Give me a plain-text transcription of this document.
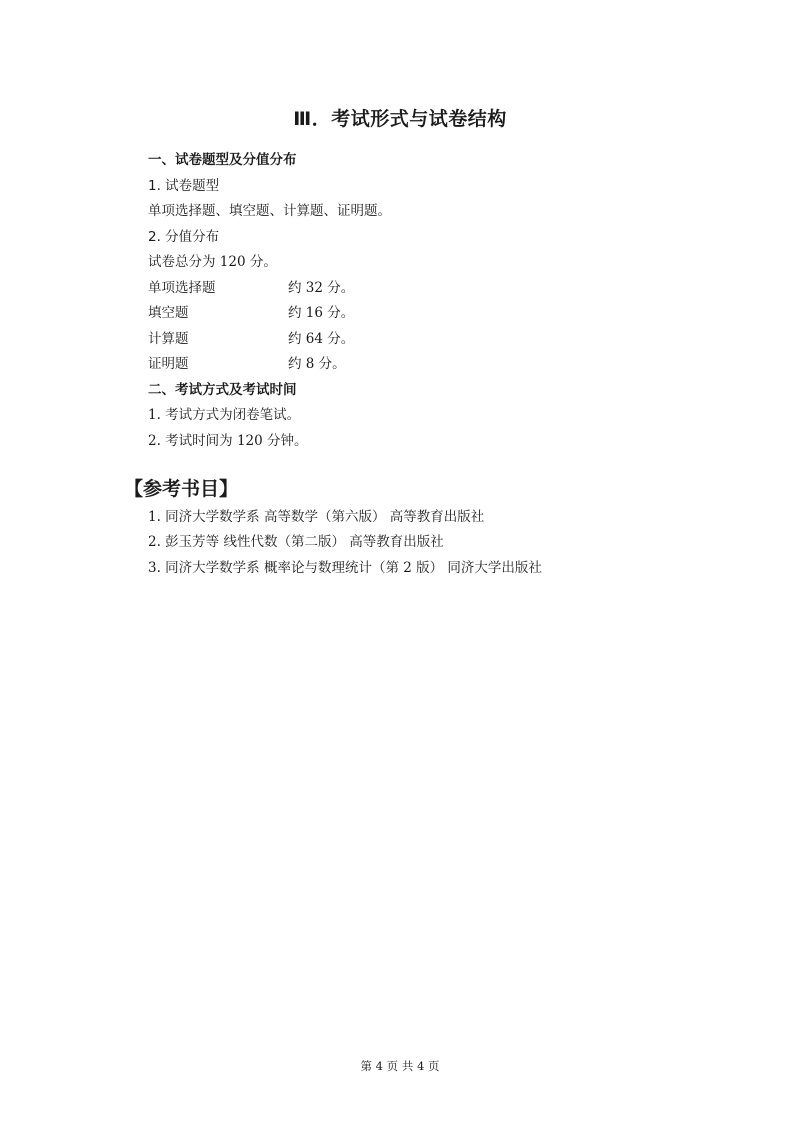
Ⅲ．考试形式与试卷结构
一、试卷题型及分值分布
1. 试卷题型
单项选择题、填空题、计算题、证明题。
2. 分值分布
试卷总分为 120 分。
单项选择题	约 32 分。
填空题	约 16 分。
计算题	约 64 分。
证明题	约 8 分。
二、考试方式及考试时间
1. 考试方式为闭卷笔试。
2. 考试时间为 120 分钟。
【参考书目】
1. 同济大学数学系 高等数学（第六版） 高等教育出版社
2. 彭玉芳等 线性代数（第二版） 高等教育出版社
3. 同济大学数学系 概率论与数理统计（第 2 版） 同济大学出版社
第 4 页 共 4 页
